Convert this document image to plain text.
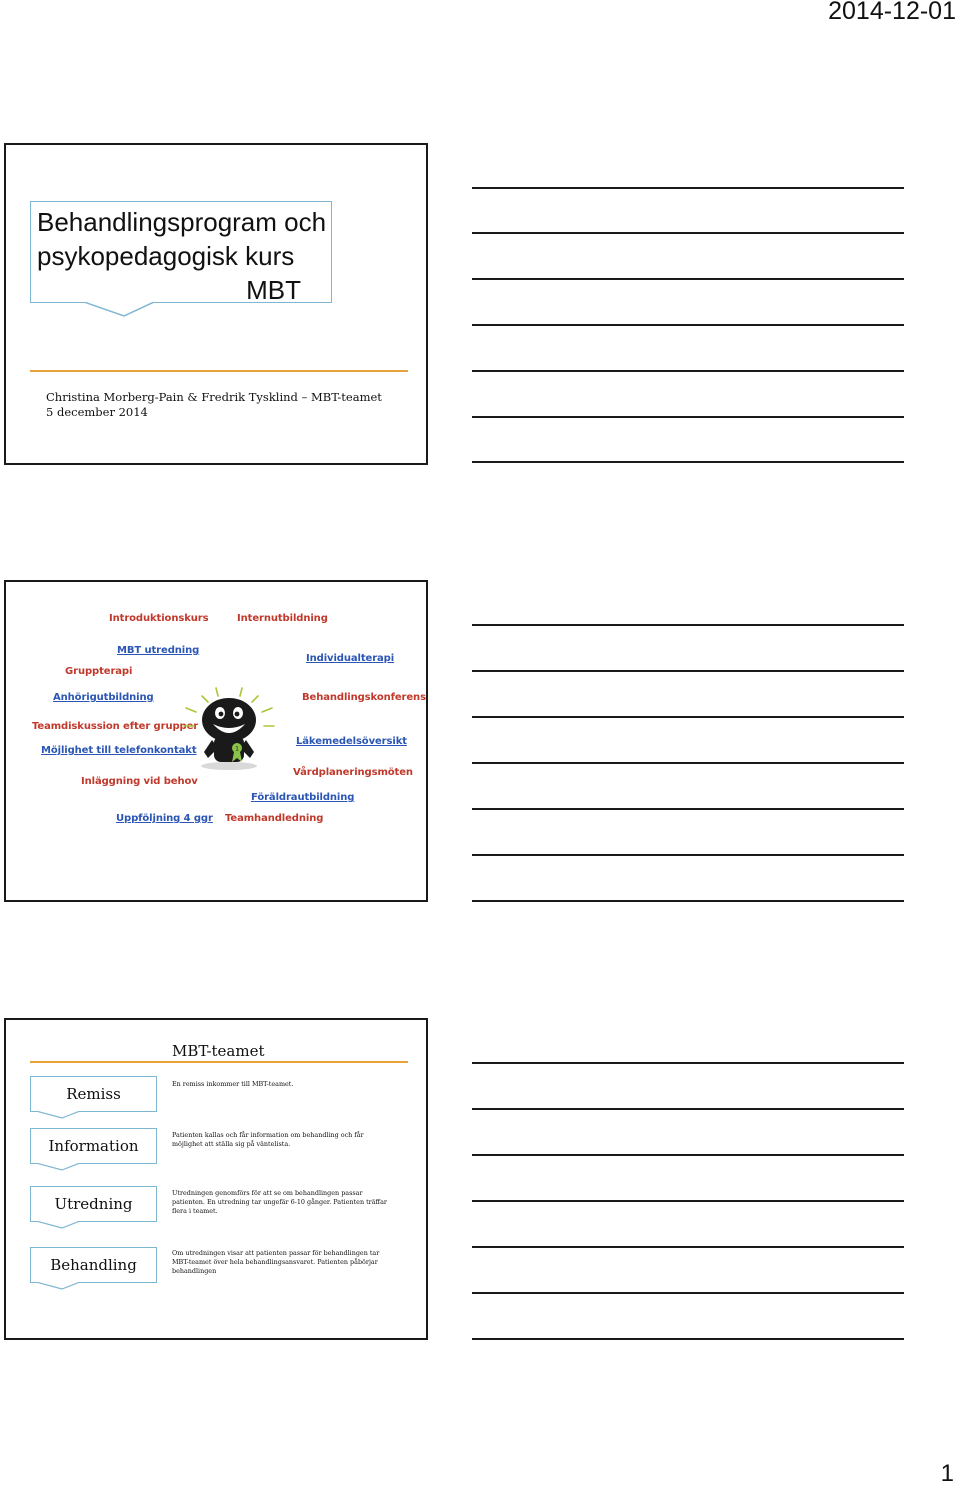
2014-12-01
Behandlingsprogram och
psykopedagogisk kurs
MBT
Christina Morberg-Pain & Fredrik Tysklind – MBT-teamet
5 december 2014
Introduktionskurs	Internutbildning
MBT utredning
Individualterapi
Gruppterapi
Anhörigutbildning	Behandlingskonferens
Teamdiskussion efter grupper
Läkemedelsöversikt
Möjlighet till telefonkontakt
Vårdplaneringsmöten
Inläggning vid behov
Föräldrautbildning
Uppföljning 4 ggr Teamhandledning
1
MBT-teamet
Remiss
En remiss inkommer till MBT-teamet.
Information
Patienten kallas och får information om behandling och får möjlighet att ställa sig på väntelista.
Utredning
Utredningen genomförs för att se om behandlingen passar patienten. En utredning tar ungefär 6-10 gånger. Patienten träffar flera i teamet.
Behandling
Om utredningen visar att patienten passar för behandlingen tar MBT-teamet över hela behandlingsansvaret. Patienten påbörjar behandlingen
1
